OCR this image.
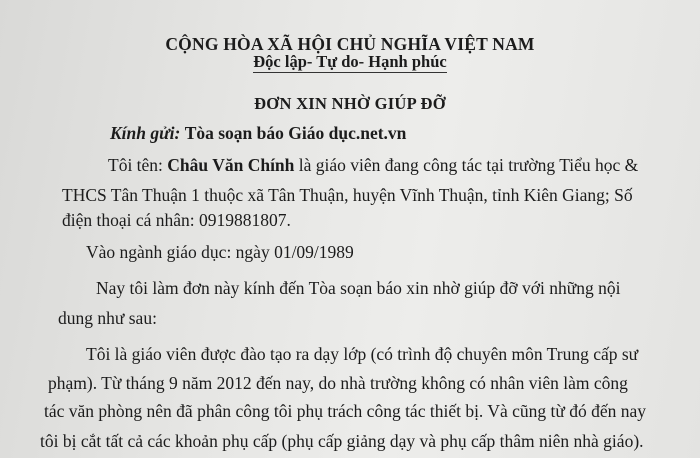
CỘNG HÒA XÃ HỘI CHỦ NGHĨA VIỆT NAM
Độc lập- Tự do- Hạnh phúc
ĐƠN XIN NHỜ GIÚP ĐỠ
Kính gửi: Tòa soạn báo Giáo dục.net.vn
Tôi tên: Châu Văn Chính là giáo viên đang công tác tại trường Tiểu học &
THCS Tân Thuận 1 thuộc xã Tân Thuận, huyện Vĩnh Thuận, tỉnh Kiên Giang; Số
điện thoại cá nhân: 0919881807.
Vào ngành giáo dục: ngày 01/09/1989
Nay tôi làm đơn này kính đến Tòa soạn báo xin nhờ giúp đỡ với những nội
dung như sau:
Tôi là giáo viên được đào tạo ra dạy lớp (có trình độ chuyên môn Trung cấp sư
phạm). Từ tháng 9 năm 2012 đến nay, do nhà trường không có nhân viên làm công
tác văn phòng nên đã phân công tôi phụ trách công tác thiết bị. Và cũng từ đó đến nay
tôi bị cắt tất cả các khoản phụ cấp (phụ cấp giảng dạy và phụ cấp thâm niên nhà giáo).
